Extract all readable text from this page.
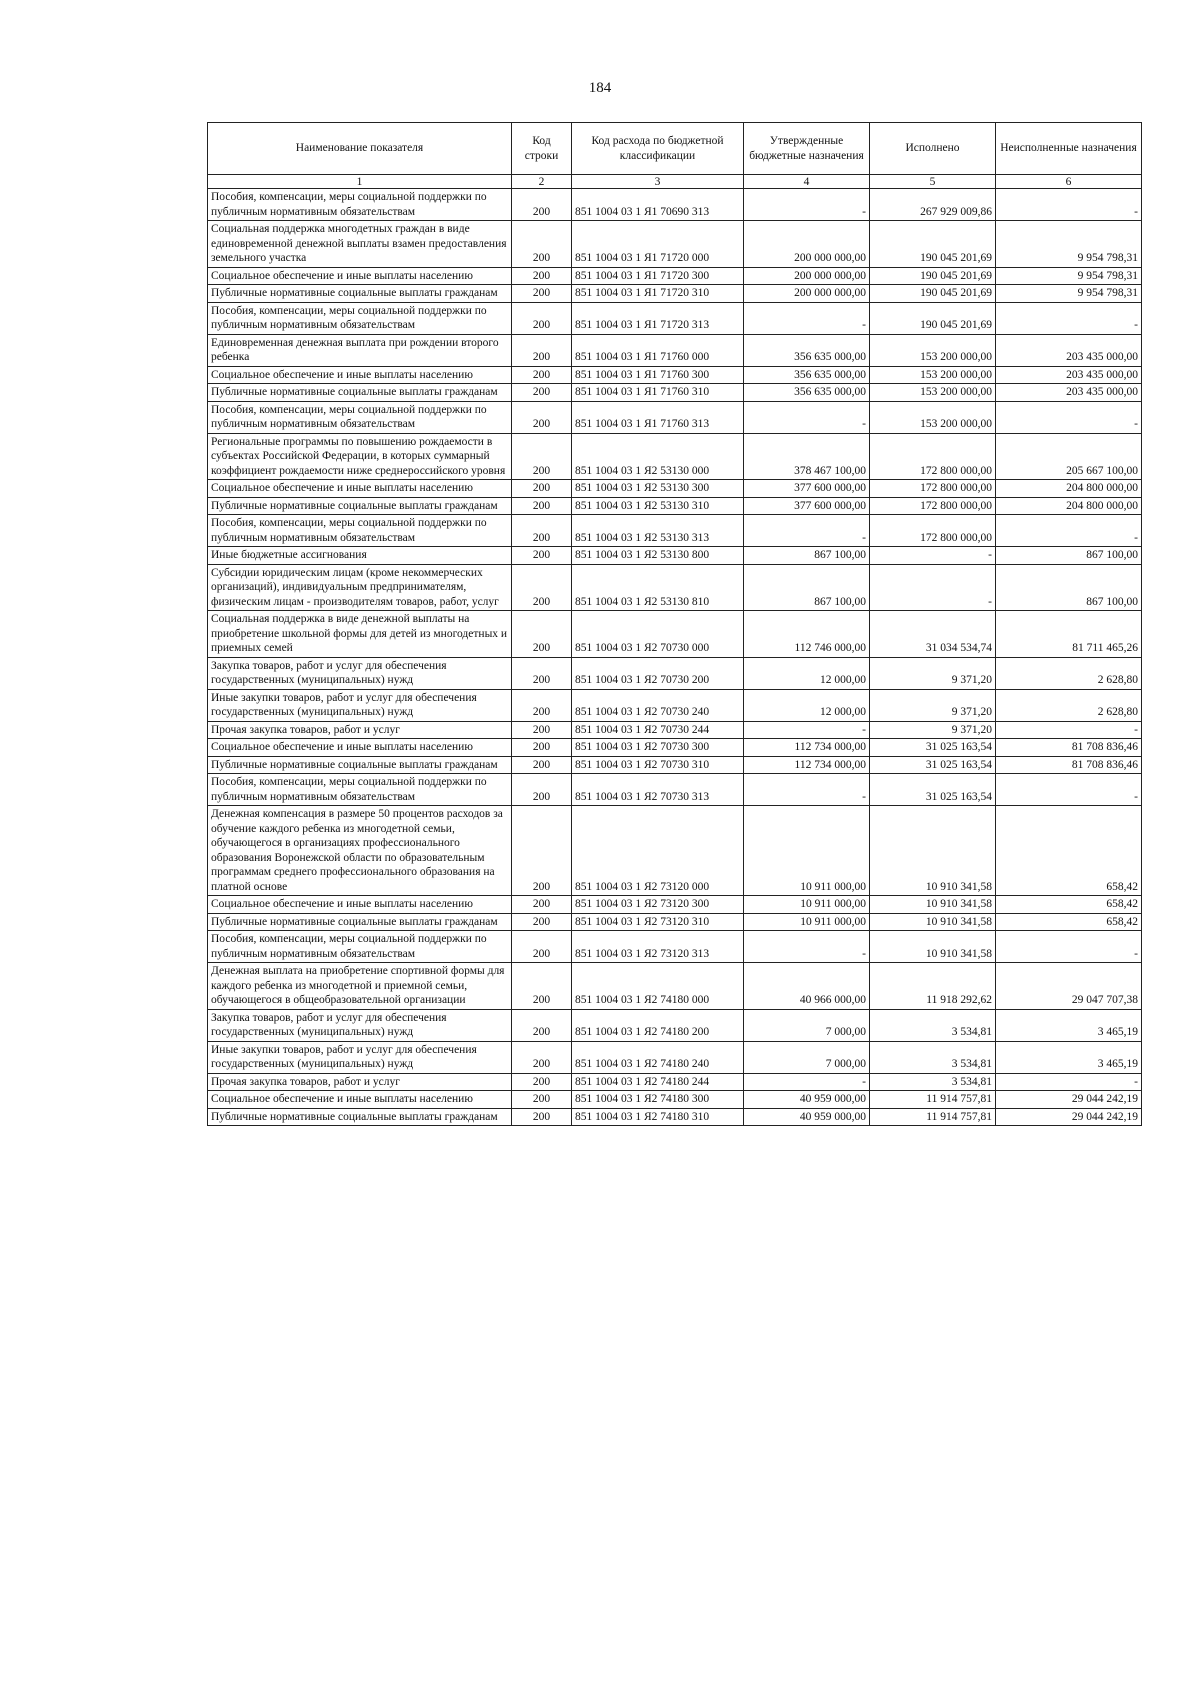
184
Наименование показателя	Код строки	Код расхода по бюджетной классификации	Утвержденные бюджетные назначения	Исполнено	Неисполненные назначения
1	2	3	4	5	6
Пособия, компенсации, меры социальной поддержки по публичным нормативным обязательствам	200	851 1004 03 1 Я1 70690 313	-	267 929 009,86	-
Социальная поддержка многодетных граждан в виде единовременной денежной выплаты взамен предоставления земельного участка	200	851 1004 03 1 Я1 71720 000	200 000 000,00	190 045 201,69	9 954 798,31
Социальное обеспечение и иные выплаты населению	200	851 1004 03 1 Я1 71720 300	200 000 000,00	190 045 201,69	9 954 798,31
Публичные нормативные социальные выплаты гражданам	200	851 1004 03 1 Я1 71720 310	200 000 000,00	190 045 201,69	9 954 798,31
Пособия, компенсации, меры социальной поддержки по публичным нормативным обязательствам	200	851 1004 03 1 Я1 71720 313	-	190 045 201,69	-
Единовременная денежная выплата при рождении второго ребенка	200	851 1004 03 1 Я1 71760 000	356 635 000,00	153 200 000,00	203 435 000,00
Социальное обеспечение и иные выплаты населению	200	851 1004 03 1 Я1 71760 300	356 635 000,00	153 200 000,00	203 435 000,00
Публичные нормативные социальные выплаты гражданам	200	851 1004 03 1 Я1 71760 310	356 635 000,00	153 200 000,00	203 435 000,00
Пособия, компенсации, меры социальной поддержки по публичным нормативным обязательствам	200	851 1004 03 1 Я1 71760 313	-	153 200 000,00	-
Региональные программы по повышению рождаемости в субъектах Российской Федерации, в которых суммарный коэффициент рождаемости ниже среднероссийского уровня	200	851 1004 03 1 Я2 53130 000	378 467 100,00	172 800 000,00	205 667 100,00
Социальное обеспечение и иные выплаты населению	200	851 1004 03 1 Я2 53130 300	377 600 000,00	172 800 000,00	204 800 000,00
Публичные нормативные социальные выплаты гражданам	200	851 1004 03 1 Я2 53130 310	377 600 000,00	172 800 000,00	204 800 000,00
Пособия, компенсации, меры социальной поддержки по публичным нормативным обязательствам	200	851 1004 03 1 Я2 53130 313	-	172 800 000,00	-
Иные бюджетные ассигнования	200	851 1004 03 1 Я2 53130 800	867 100,00	-	867 100,00
Субсидии юридическим лицам (кроме некоммерческих организаций), индивидуальным предпринимателям, физическим лицам - производителям товаров, работ, услуг	200	851 1004 03 1 Я2 53130 810	867 100,00	-	867 100,00
Социальная поддержка в виде денежной выплаты на приобретение школьной формы для детей из многодетных и приемных семей	200	851 1004 03 1 Я2 70730 000	112 746 000,00	31 034 534,74	81 711 465,26
Закупка товаров, работ и услуг для обеспечения государственных (муниципальных) нужд	200	851 1004 03 1 Я2 70730 200	12 000,00	9 371,20	2 628,80
Иные закупки товаров, работ и услуг для обеспечения государственных (муниципальных) нужд	200	851 1004 03 1 Я2 70730 240	12 000,00	9 371,20	2 628,80
Прочая закупка товаров, работ и услуг	200	851 1004 03 1 Я2 70730 244	-	9 371,20	-
Социальное обеспечение и иные выплаты населению	200	851 1004 03 1 Я2 70730 300	112 734 000,00	31 025 163,54	81 708 836,46
Публичные нормативные социальные выплаты гражданам	200	851 1004 03 1 Я2 70730 310	112 734 000,00	31 025 163,54	81 708 836,46
Пособия, компенсации, меры социальной поддержки по публичным нормативным обязательствам	200	851 1004 03 1 Я2 70730 313	-	31 025 163,54	-
Денежная компенсация в размере 50 процентов расходов за обучение каждого ребенка из многодетной семьи, обучающегося в организациях профессионального образования Воронежской области по образовательным программам среднего профессионального образования на платной основе	200	851 1004 03 1 Я2 73120 000	10 911 000,00	10 910 341,58	658,42
Социальное обеспечение и иные выплаты населению	200	851 1004 03 1 Я2 73120 300	10 911 000,00	10 910 341,58	658,42
Публичные нормативные социальные выплаты гражданам	200	851 1004 03 1 Я2 73120 310	10 911 000,00	10 910 341,58	658,42
Пособия, компенсации, меры социальной поддержки по публичным нормативным обязательствам	200	851 1004 03 1 Я2 73120 313	-	10 910 341,58	-
Денежная выплата на приобретение спортивной формы для каждого ребенка из многодетной и приемной семьи, обучающегося в общеобразовательной организации	200	851 1004 03 1 Я2 74180 000	40 966 000,00	11 918 292,62	29 047 707,38
Закупка товаров, работ и услуг для обеспечения государственных (муниципальных) нужд	200	851 1004 03 1 Я2 74180 200	7 000,00	3 534,81	3 465,19
Иные закупки товаров, работ и услуг для обеспечения государственных (муниципальных) нужд	200	851 1004 03 1 Я2 74180 240	7 000,00	3 534,81	3 465,19
Прочая закупка товаров, работ и услуг	200	851 1004 03 1 Я2 74180 244	-	3 534,81	-
Социальное обеспечение и иные выплаты населению	200	851 1004 03 1 Я2 74180 300	40 959 000,00	11 914 757,81	29 044 242,19
Публичные нормативные социальные выплаты гражданам	200	851 1004 03 1 Я2 74180 310	40 959 000,00	11 914 757,81	29 044 242,19
